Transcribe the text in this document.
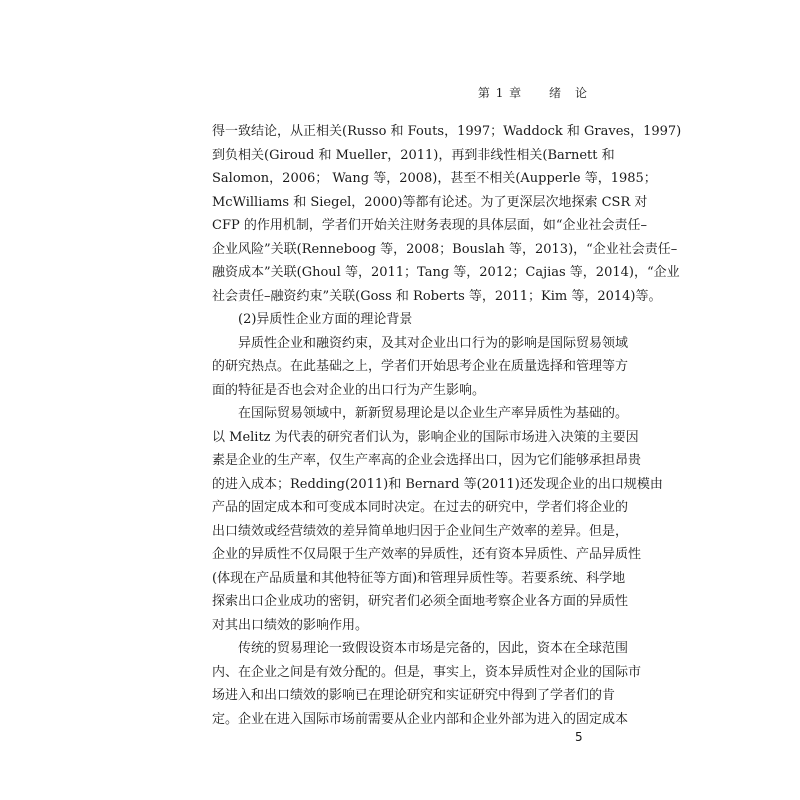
第 1 章 绪　论
得一致结论，从正相关(Russo 和 Fouts，1997；Waddock 和 Graves，1997)
到负相关(Giroud 和 Mueller，2011)，再到非线性相关(Barnett 和
Salomon，2006； Wang 等，2008)，甚至不相关(Aupperle 等，1985；
McWilliams 和 Siegel，2000)等都有论述。为了更深层次地探索 CSR 对
CFP 的作用机制，学者们开始关注财务表现的具体层面，如“企业社会责任–
企业风险”关联(Renneboog 等，2008；Bouslah 等，2013)，“企业社会责任–
融资成本”关联(Ghoul 等，2011；Tang 等，2012；Cajias 等，2014)，“企业
社会责任–融资约束”关联(Goss 和 Roberts 等，2011；Kim 等，2014)等。
(2)异质性企业方面的理论背景
异质性企业和融资约束，及其对企业出口行为的影响是国际贸易领域
的研究热点。在此基础之上，学者们开始思考企业在质量选择和管理等方
面的特征是否也会对企业的出口行为产生影响。
在国际贸易领域中，新新贸易理论是以企业生产率异质性为基础的。
以 Melitz 为代表的研究者们认为，影响企业的国际市场进入决策的主要因
素是企业的生产率，仅生产率高的企业会选择出口，因为它们能够承担昂贵
的进入成本；Redding(2011)和 Bernard 等(2011)还发现企业的出口规模由
产品的固定成本和可变成本同时决定。在过去的研究中，学者们将企业的
出口绩效或经营绩效的差异简单地归因于企业间生产效率的差异。但是，
企业的异质性不仅局限于生产效率的异质性，还有资本异质性、产品异质性
(体现在产品质量和其他特征等方面)和管理异质性等。若要系统、科学地
探索出口企业成功的密钥，研究者们必须全面地考察企业各方面的异质性
对其出口绩效的影响作用。
传统的贸易理论一致假设资本市场是完备的，因此，资本在全球范围
内、在企业之间是有效分配的。但是，事实上，资本异质性对企业的国际市
场进入和出口绩效的影响已在理论研究和实证研究中得到了学者们的肯
定。企业在进入国际市场前需要从企业内部和企业外部为进入的固定成本
5
